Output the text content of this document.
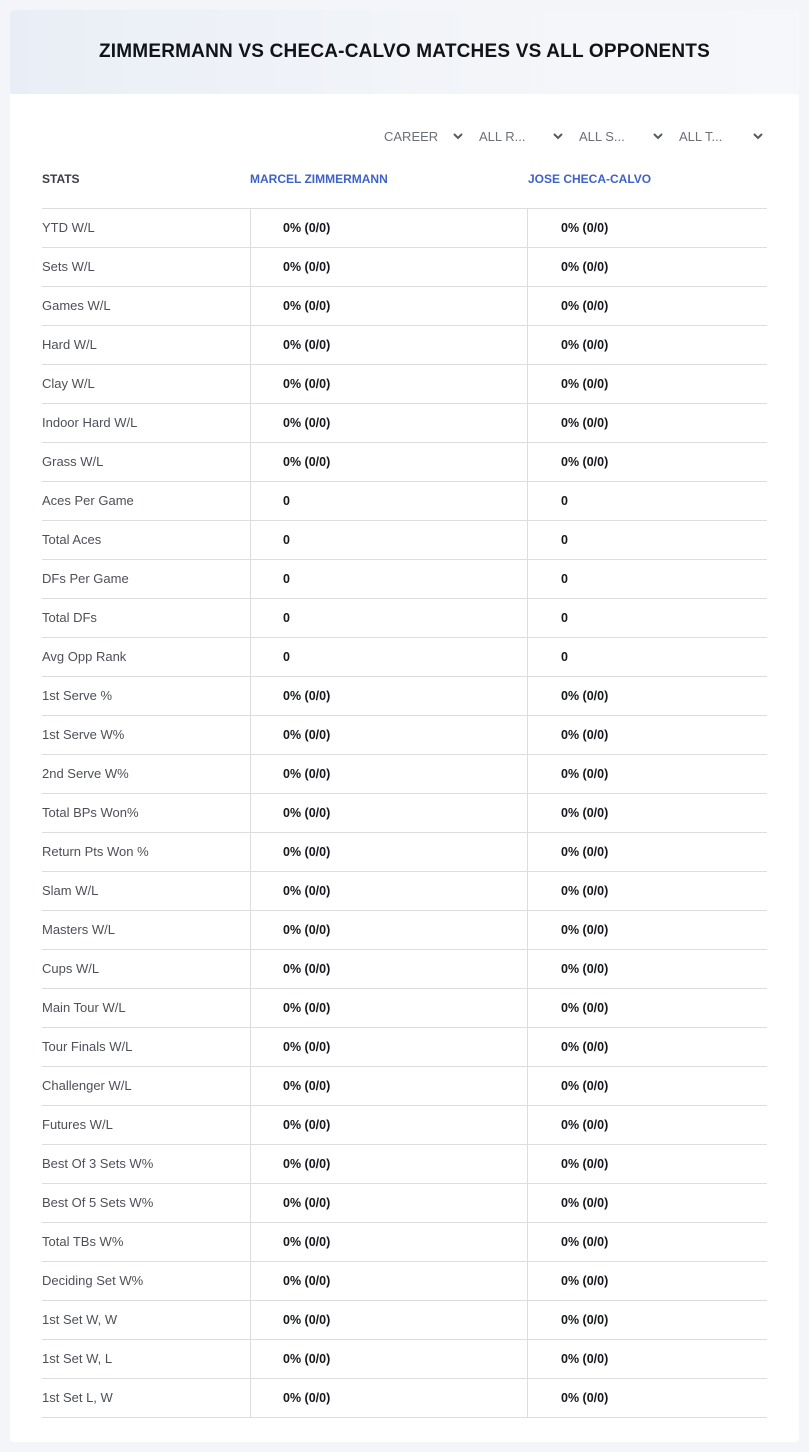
ZIMMERMANN VS CHECA-CALVO MATCHES VS ALL OPPONENTS
CAREER	ALL R...	ALL S...	ALL T...
STATS	MARCEL ZIMMERMANN	JOSE CHECA-CALVO
YTD W/L	0% (0/0)	0% (0/0)
Sets W/L	0% (0/0)	0% (0/0)
Games W/L	0% (0/0)	0% (0/0)
Hard W/L	0% (0/0)	0% (0/0)
Clay W/L	0% (0/0)	0% (0/0)
Indoor Hard W/L	0% (0/0)	0% (0/0)
Grass W/L	0% (0/0)	0% (0/0)
Aces Per Game	0	0
Total Aces	0	0
DFs Per Game	0	0
Total DFs	0	0
Avg Opp Rank	0	0
1st Serve %	0% (0/0)	0% (0/0)
1st Serve W%	0% (0/0)	0% (0/0)
2nd Serve W%	0% (0/0)	0% (0/0)
Total BPs Won%	0% (0/0)	0% (0/0)
Return Pts Won %	0% (0/0)	0% (0/0)
Slam W/L	0% (0/0)	0% (0/0)
Masters W/L	0% (0/0)	0% (0/0)
Cups W/L	0% (0/0)	0% (0/0)
Main Tour W/L	0% (0/0)	0% (0/0)
Tour Finals W/L	0% (0/0)	0% (0/0)
Challenger W/L	0% (0/0)	0% (0/0)
Futures W/L	0% (0/0)	0% (0/0)
Best Of 3 Sets W%	0% (0/0)	0% (0/0)
Best Of 5 Sets W%	0% (0/0)	0% (0/0)
Total TBs W%	0% (0/0)	0% (0/0)
Deciding Set W%	0% (0/0)	0% (0/0)
1st Set W, W	0% (0/0)	0% (0/0)
1st Set W, L	0% (0/0)	0% (0/0)
1st Set L, W	0% (0/0)	0% (0/0)
